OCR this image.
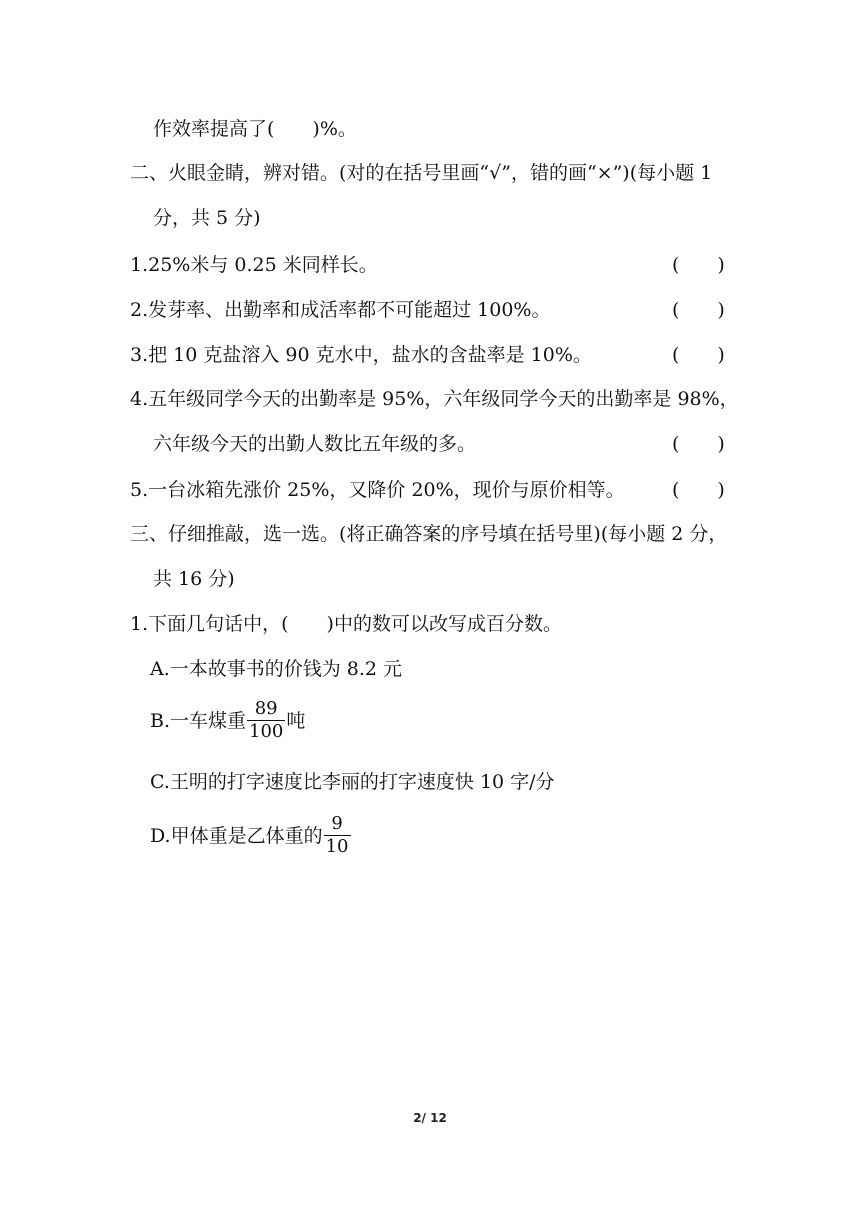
作效率提高了(　　)%。
二、火眼金睛，辨对错。(对的在括号里画“√”，错的画“×”)(每小题 1
分，共 5 分)
1.25%米与 0.25 米同样长。	(　　)
2.发芽率、出勤率和成活率都不可能超过 100%。	(　　)
3.把 10 克盐溶入 90 克水中，盐水的含盐率是 10%。	(　　)
4.五年级同学今天的出勤率是 95%，六年级同学今天的出勤率是 98%，
六年级今天的出勤人数比五年级的多。	(　　)
5.一台冰箱先涨价 25%，又降价 20%，现价与原价相等。 (　　)
三、仔细推敲，选一选。(将正确答案的序号填在括号里)(每小题 2 分，
共 16 分)
1.下面几句话中，(　　)中的数可以改写成百分数。
A.一本故事书的价钱为 8.2 元
B.一车煤重 $\frac{89}{100}$ 吨
C.王明的打字速度比李丽的打字速度快 10 字/分
D.甲体重是乙体重的 $\frac{9}{10}$
2/ 12
